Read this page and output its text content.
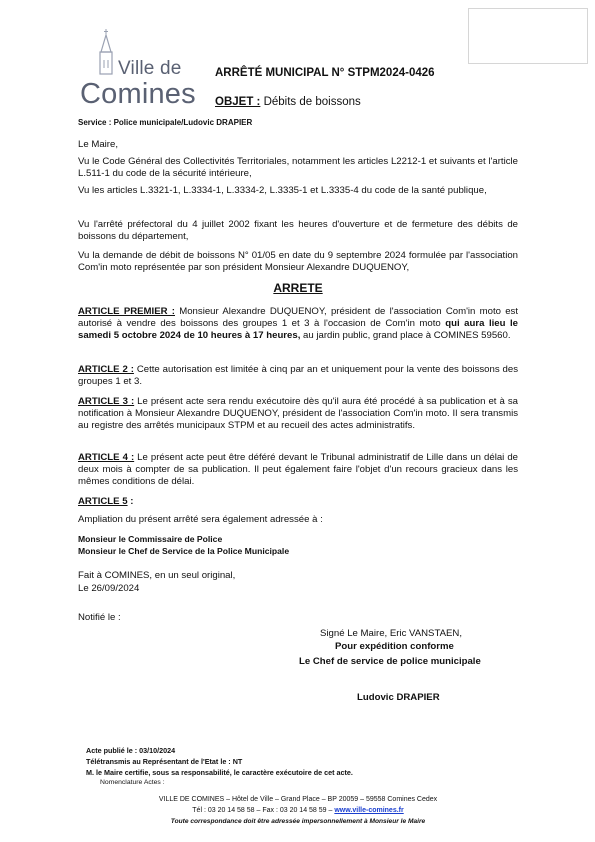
Ville de
Comines
ARRÊTÉ MUNICIPAL N° STPM2024-0426
OBJET : Débits de boissons
Service : Police municipale/Ludovic DRAPIER
Le Maire,
Vu le Code Général des Collectivités Territoriales, notamment les articles L2212-1 et suivants et l'article L.511-1 du code de la sécurité intérieure,
Vu les articles L.3321-1, L.3334-1, L.3334-2, L.3335-1 et L.3335-4 du code de la santé publique,
Vu l'arrêté préfectoral du 4 juillet 2002 fixant les heures d'ouverture et de fermeture des débits de boissons du département,
Vu la demande de débit de boissons N° 01/05 en date du 9 septembre 2024 formulée par l'association Com'in moto représentée par son président Monsieur Alexandre DUQUENOY,
ARRETE
ARTICLE PREMIER : Monsieur Alexandre DUQUENOY, président de l'association Com'in moto est autorisé à vendre des boissons des groupes 1 et 3 à l'occasion de Com'in moto qui aura lieu le samedi 5 octobre 2024 de 10 heures à 17 heures, au jardin public, grand place à COMINES 59560.
ARTICLE 2 : Cette autorisation est limitée à cinq par an et uniquement pour la vente des boissons des groupes 1 et 3.
ARTICLE 3 : Le présent acte sera rendu exécutoire dès qu'il aura été procédé à sa publication et à sa notification à Monsieur Alexandre DUQUENOY, président de l'association Com'in moto. Il sera transmis au registre des arrêtés municipaux STPM et au recueil des actes administratifs.
ARTICLE 4 : Le présent acte peut être déféré devant le Tribunal administratif de Lille dans un délai de deux mois à compter de sa publication. Il peut également faire l'objet d'un recours gracieux dans les mêmes conditions de délai.
ARTICLE 5 :
Ampliation du présent arrêté sera également adressée à :
Monsieur le Commissaire de Police
Monsieur le Chef de Service de la Police Municipale
Fait à COMINES, en un seul original,
Le 26/09/2024
Notifié le :
Signé Le Maire, Eric VANSTAEN,
Pour expédition conforme
Le Chef de service de police municipale
Ludovic DRAPIER
Acte publié le : 03/10/2024
Télétransmis au Représentant de l'Etat le : NT
M. le Maire certifie, sous sa responsabilité, le caractère exécutoire de cet acte.
Nomenclature Actes :
VILLE DE COMINES – Hôtel de Ville – Grand Place – BP 20059 – 59558 Comines Cedex
Tél : 03 20 14 58 58 – Fax : 03 20 14 58 59 – www.ville-comines.fr
Toute correspondance doit être adressée impersonnellement à Monsieur le Maire
